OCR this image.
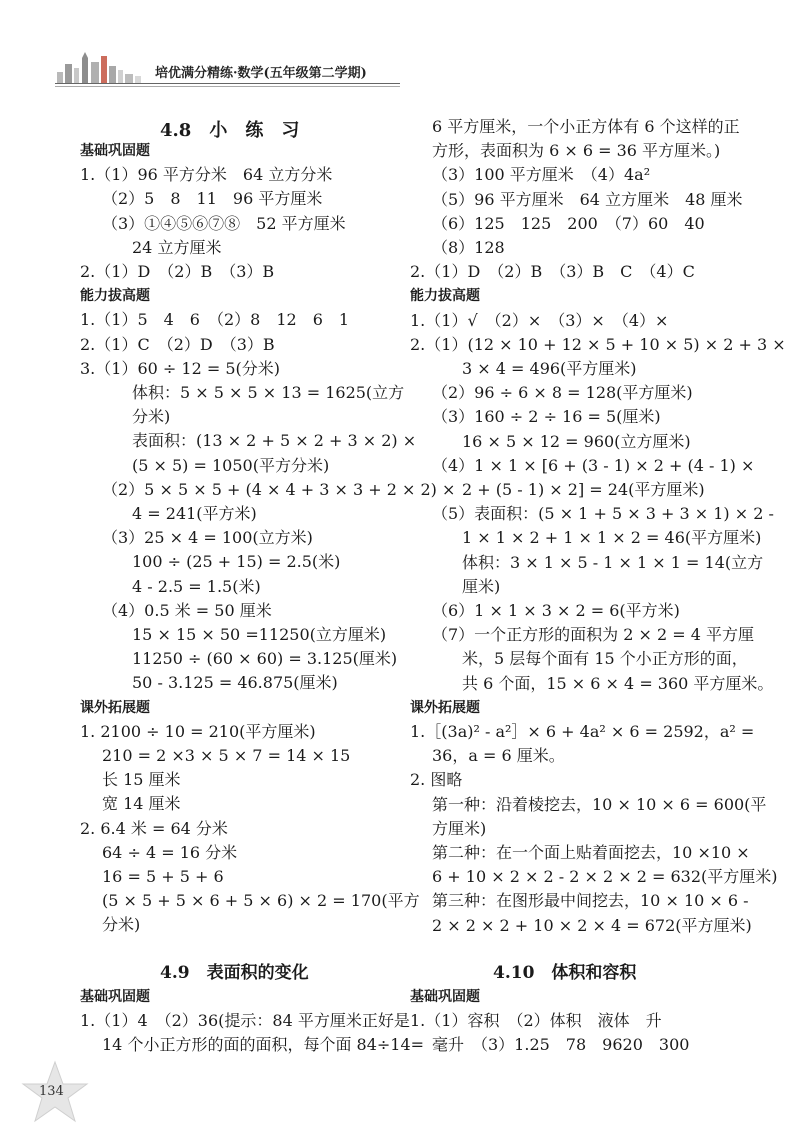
培优满分精练·数学(五年级第二学期)
4.8　小　练　习
基础巩固题
1.（1）96 平方分米　64 立方分米
（2）5　8　11　96 平方厘米
（3）①④⑤⑥⑦⑧　52 平方厘米
24 立方厘米
2.（1）D　（2）B　（3）B
能力拔高题
1.（1）5　4　6　（2）8　12　6　1
2.（1）C　（2）D　（3）B
3.（1）60 ÷ 12 = 5(分米)
体积：5 × 5 × 5 × 13 = 1625(立方
分米)
表面积：(13 × 2 + 5 × 2 + 3 × 2) ×
(5 × 5) = 1050(平方分米)
（2）5 × 5 × 5 + (4 × 4 + 3 × 3 + 2 × 2) ×
4 = 241(平方米)
（3）25 × 4 = 100(立方米)
100 ÷ (25 + 15) = 2.5(米)
4 - 2.5 = 1.5(米)
（4）0.5 米 = 50 厘米
15 × 15 × 50 =11250(立方厘米)
11250 ÷ (60 × 60) = 3.125(厘米)
50 - 3.125 = 46.875(厘米)
课外拓展题
1. 2100 ÷ 10 = 210(平方厘米)
210 = 2 ×3 × 5 × 7 = 14 × 15
长 15 厘米
宽 14 厘米
2. 6.4 米 = 64 分米
64 ÷ 4 = 16 分米
16 = 5 + 5 + 6
(5 × 5 + 5 × 6 + 5 × 6) × 2 = 170(平方
分米)
4.9　表面积的变化
基础巩固题
1.（1）4　（2）36(提示：84 平方厘米正好是
14 个小正方形的面的面积，每个面 84÷14=
6 平方厘米，一个小正方体有 6 个这样的正
方形，表面积为 6 × 6 = 36 平方厘米。)
（3）100 平方厘米　（4）4a²
（5）96 平方厘米　64 立方厘米　48 厘米
（6）125　125　200　（7）60　40
（8）128
2.（1）D　（2）B　（3）B　C　（4）C
能力拔高题
1.（1）√　（2）×　（3）×　（4）×
2.（1）(12 × 10 + 12 × 5 + 10 × 5) × 2 + 3 ×
3 × 4 = 496(平方厘米)
（2）96 ÷ 6 × 8 = 128(平方厘米)
（3）160 ÷ 2 ÷ 16 = 5(厘米)
16 × 5 × 12 = 960(立方厘米)
（4）1 × 1 × [6 + (3 - 1) × 2 + (4 - 1) ×
2 + (5 - 1) × 2] = 24(平方厘米)
（5）表面积：(5 × 1 + 5 × 3 + 3 × 1) × 2 -
1 × 1 × 2 + 1 × 1 × 2 = 46(平方厘米)
体积：3 × 1 × 5 - 1 × 1 × 1 = 14(立方
厘米)
（6）1 × 1 × 3 × 2 = 6(平方米)
（7）一个正方形的面积为 2 × 2 = 4 平方厘
米，5 层每个面有 15 个小正方形的面，
共 6 个面，15 × 6 × 4 = 360 平方厘米。
课外拓展题
1.［(3a)² - a²］× 6 + 4a² × 6 = 2592，a² =
36，a = 6 厘米。
2. 图略
第一种：沿着棱挖去，10 × 10 × 6 = 600(平
方厘米)
第二种：在一个面上贴着面挖去，10 ×10 ×
6 + 10 × 2 × 2 - 2 × 2 × 2 = 632(平方厘米)
第三种：在图形最中间挖去，10 × 10 × 6 -
2 × 2 × 2 + 10 × 2 × 4 = 672(平方厘米)
4.10　体积和容积
基础巩固题
1.（1）容积　（2）体积　液体　升
毫升　（3）1.25　78　9620　300
134
